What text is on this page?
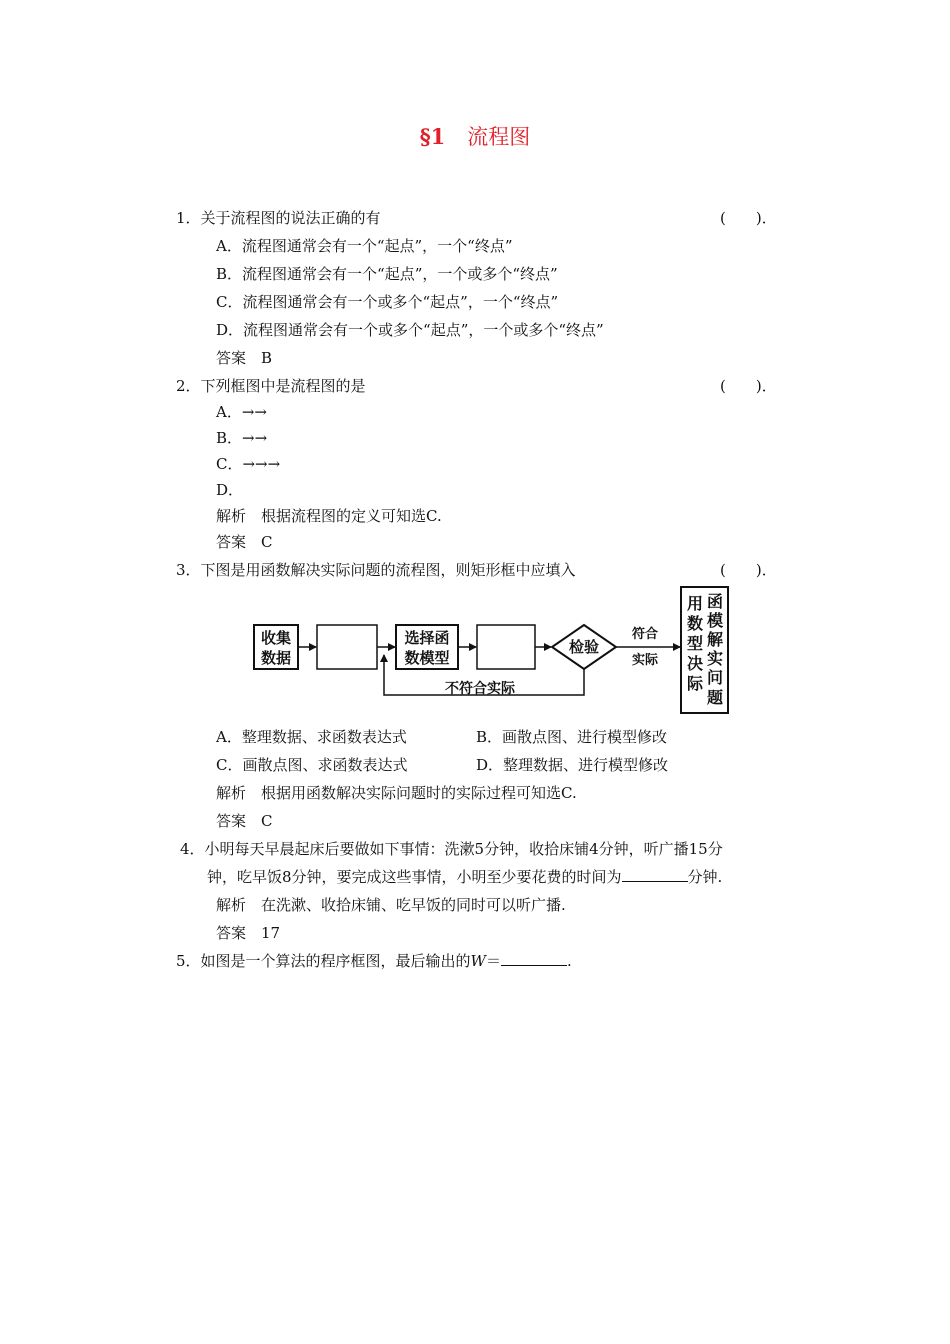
§1 流程图
1．关于流程图的说法正确的有	(　　)．
A．流程图通常会有一个“起点”，一个“终点”
B．流程图通常会有一个“起点”，一个或多个“终点”
C．流程图通常会有一个或多个“起点”，一个“终点”
D．流程图通常会有一个或多个“起点”，一个或多个“终点”
答案　B
2．下列框图中是流程图的是	(　　)．
A．→→
B．→→
C．→→→
D．
解析　根据流程图的定义可知选C.
答案　C
3．下图是用函数解决实际问题的流程图，则矩形框中应填入	(　　)．
收集
数据
选择函
数模型
检验
符合
实际
不符合实际
用
数
型
决
际
函
模
解
实
问
题
A．整理数据、求函数表达式	B．画散点图、进行模型修改
C．画散点图、求函数表达式	D．整理数据、进行模型修改
解析　根据用函数解决实际问题时的实际过程可知选C.
答案　C
4．小明每天早晨起床后要做如下事情：洗漱5分钟，收拾床铺4分钟，听广播15分
钟，吃早饭8分钟，要完成这些事情，小明至少要花费的时间为	分钟.
解析　在洗漱、收拾床铺、吃早饭的同时可以听广播.
答案　17
5．如图是一个算法的程序框图，最后输出的W＝	.
